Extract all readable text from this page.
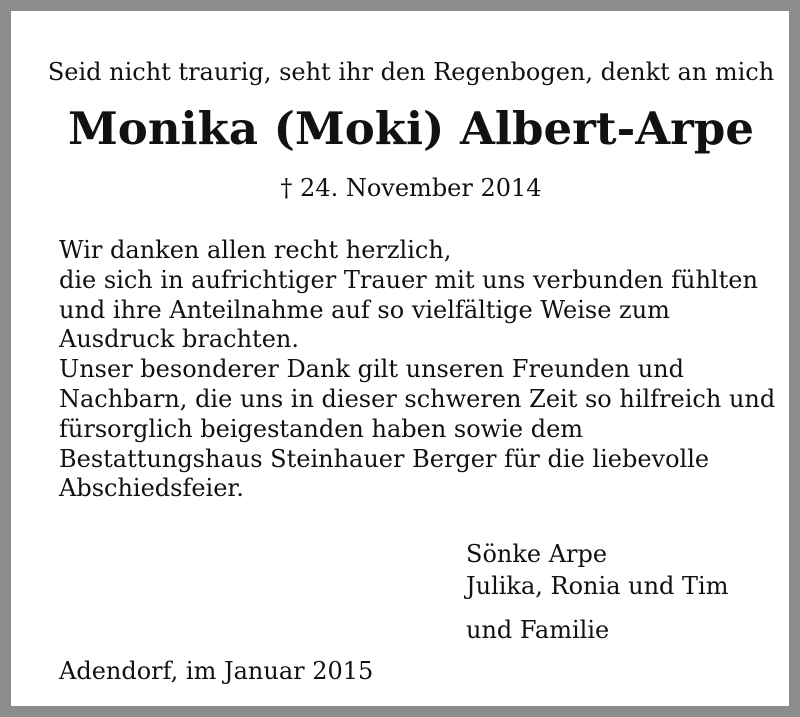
Seid nicht traurig, seht ihr den Regenbogen, denkt an mich
Monika (Moki) Albert-Arpe
† 24. November 2014
Wir danken allen recht herzlich,
die sich in aufrichtiger Trauer mit uns verbunden fühlten
und ihre Anteilnahme auf so vielfältige Weise zum
Ausdruck brachten.
Unser besonderer Dank gilt unseren Freunden und
Nachbarn, die uns in dieser schweren Zeit so hilfreich und
fürsorglich beigestanden haben sowie dem
Bestattungshaus Steinhauer Berger für die liebevolle
Abschiedsfeier.
Sönke Arpe
Julika, Ronia und Tim
und Familie
Adendorf, im Januar 2015
